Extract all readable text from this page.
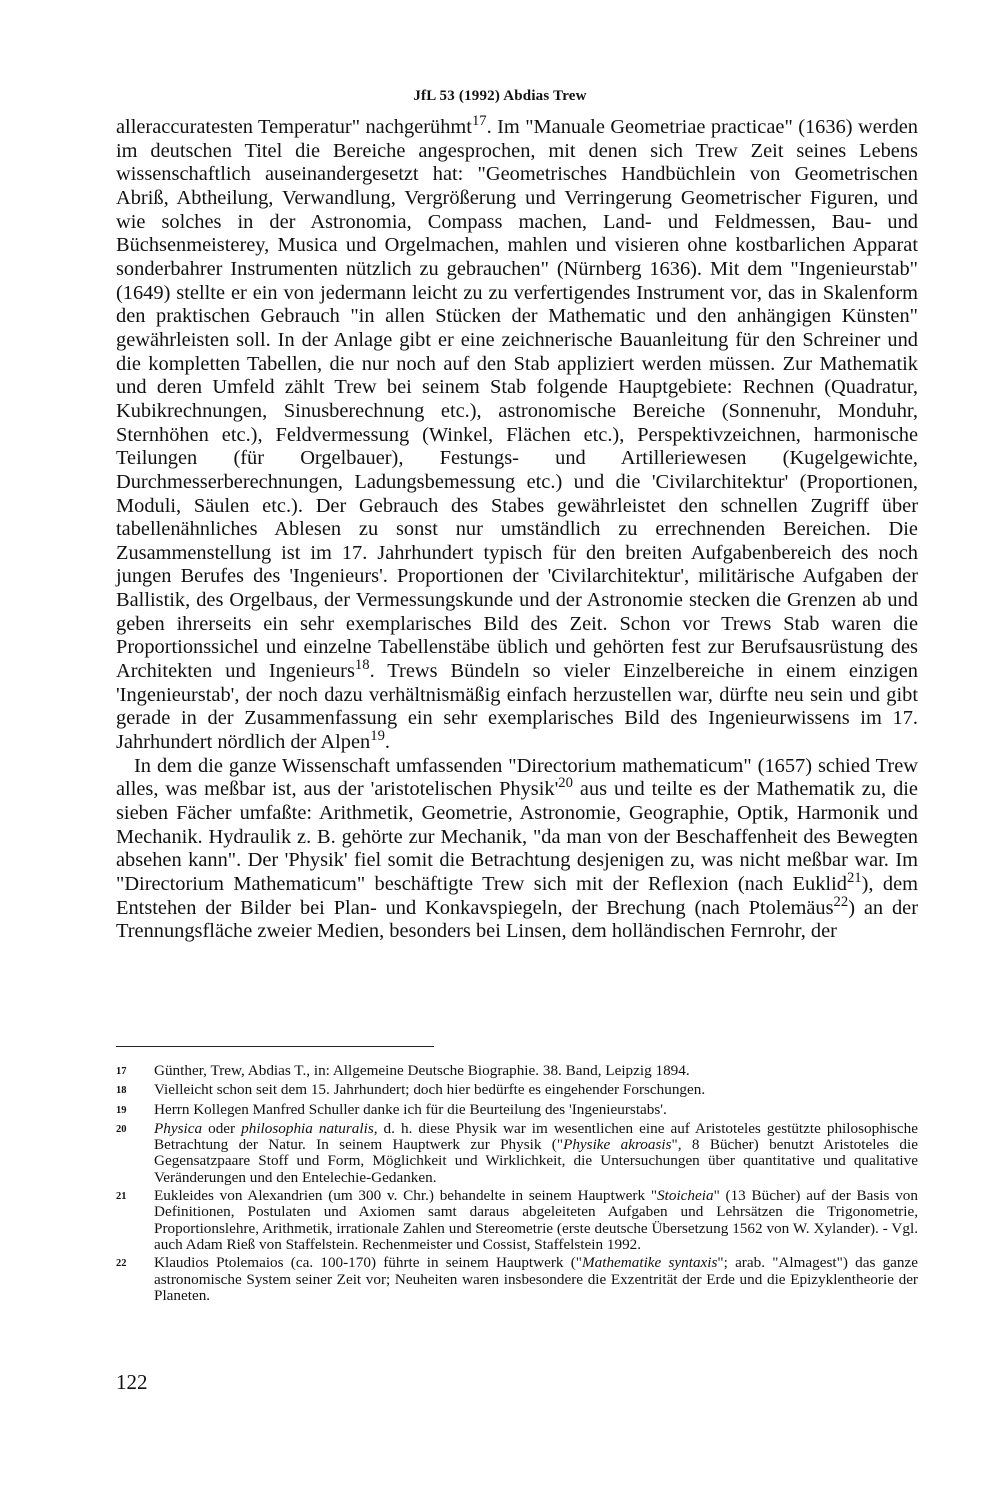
JfL 53 (1992) Abdias Trew

alleraccuratesten Temperatur" nachgerühmt$^{17}$. Im "Manuale Geometriae practicae" (1636) werden im deutschen Titel die Bereiche angesprochen, mit denen sich Trew Zeit seines Lebens wissenschaftlich auseinandergesetzt hat: "Geometrisches Handbüchlein von Geometrischen Abriß, Abtheilung, Verwandlung, Vergrößerung und Verringerung Geometrischer Figuren, und wie solches in der Astronomia, Compass machen, Land- und Feldmessen, Bau- und Büchsenmeisterey, Musica und Orgelmachen, mahlen und visieren ohne kostbarlichen Apparat sonderbahrer Instrumenten nützlich zu gebrauchen" (Nürnberg 1636). Mit dem "Ingenieurstab" (1649) stellte er ein von jedermann leicht zu zu verfertigendes Instrument vor, das in Skalenform den praktischen Gebrauch "in allen Stücken der Mathematic und den anhängigen Künsten" gewährleisten soll. In der Anlage gibt er eine zeichnerische Bauanleitung für den Schreiner und die kompletten Tabellen, die nur noch auf den Stab appliziert werden müssen. Zur Mathematik und deren Umfeld zählt Trew bei seinem Stab folgende Hauptgebiete: Rechnen (Quadratur, Kubikrechnungen, Sinusberechnung etc.), astronomische Bereiche (Sonnenuhr, Monduhr, Sternhöhen etc.), Feldvermessung (Winkel, Flächen etc.), Perspektivzeichnen, harmonische Teilungen (für Orgelbauer), Festungs- und Artilleriewesen (Kugelgewichte, Durchmesserberechnungen, Ladungsbemessung etc.) und die 'Civilarchitektur' (Proportionen, Moduli, Säulen etc.). Der Gebrauch des Stabes gewährleistet den schnellen Zugriff über tabellenähnliches Ablesen zu sonst nur umständlich zu errechnenden Bereichen. Die Zusammenstellung ist im 17. Jahrhundert typisch für den breiten Aufgabenbereich des noch jungen Berufes des 'Ingenieurs'. Proportionen der 'Civilarchitektur', militärische Aufgaben der Ballistik, des Orgelbaus, der Vermessungskunde und der Astronomie stecken die Grenzen ab und geben ihrerseits ein sehr exemplarisches Bild des Zeit. Schon vor Trews Stab waren die Proportionssichel und einzelne Tabellenstäbe üblich und gehörten fest zur Berufsausrüstung des Architekten und Ingenieurs$^{18}$. Trews Bündeln so vieler Einzelbereiche in einem einzigen 'Ingenieurstab', der noch dazu verhältnismäßig einfach herzustellen war, dürfte neu sein und gibt gerade in der Zusammenfassung ein sehr exemplarisches Bild des Ingenieurwissens im 17. Jahrhundert nördlich der Alpen$^{19}$.

In dem die ganze Wissenschaft umfassenden "Directorium mathematicum" (1657) schied Trew alles, was meßbar ist, aus der 'aristotelischen $Physik'^{20}$ aus und teilte es der Mathematik zu, die sieben Fächer umfaßte: Arithmetik, Geometrie, Astronomie, Geographie, Optik, Harmonik und Mechanik. Hydraulik z. B. gehörte zur Mechanik, "da man von der Beschaffenheit des Bewegten absehen kann". Der 'Physik' fiel somit die Betrachtung desjenigen zu, was nicht meßbar war. Im "Directorium Mathematicum" beschäftigte Trew sich mit der Reflexion (nach Euklid$^{21}$), dem Entstehen der Bilder bei Plan- und Konkavspiegeln, der Brechung (nach Ptolemäus$^{22}$) an der Trennungsfläche zweier Medien, besonders bei Linsen, dem holländischen Fernrohr, der

17	Günther, Trew, Abdias T., in: Allgemeine Deutsche Biographie. 38. Band, Leipzig 1894.
18	Vielleicht schon seit dem 15. Jahrhundert; doch hier bedürfte es eingehender Forschungen.
19	Herrn Kollegen Manfred Schuller danke ich für die Beurteilung des 'Ingenieurstabs'.
20	Physica oder philosophia naturalis, d. h. diese Physik war im wesentlichen eine auf Aristoteles gestützte philosophische Betrachtung der Natur. In seinem Hauptwerk zur Physik ("Physike akroasis", 8 Bücher) benutzt Aristoteles die Gegensatzpaare Stoff und Form, Möglichkeit und Wirklichkeit, die Untersuchungen über quantitative und qualitative Veränderungen und den Entelechie-Gedanken.
21	Eukleides von Alexandrien (um 300 v. Chr.) behandelte in seinem Hauptwerk "Stoicheia" (13 Bücher) auf der Basis von Definitionen, Postulaten und Axiomen samt daraus abgeleiteten Aufgaben und Lehrsätzen die Trigonometrie, Proportionslehre, Arithmetik, irrationale Zahlen und Stereometrie (erste deutsche Übersetzung 1562 von W. Xylander). - Vgl. auch Adam Rieß von Staffelstein. Rechenmeister und Cossist, Staffelstein 1992.
22	Klaudios Ptolemaios (ca. 100-170) führte in seinem Hauptwerk ("Mathematike syntaxis"; arab. "Almagest") das ganze astronomische System seiner Zeit vor; Neuheiten waren insbesondere die Exzentrität der Erde und die Epizyklentheorie der Planeten.
122
